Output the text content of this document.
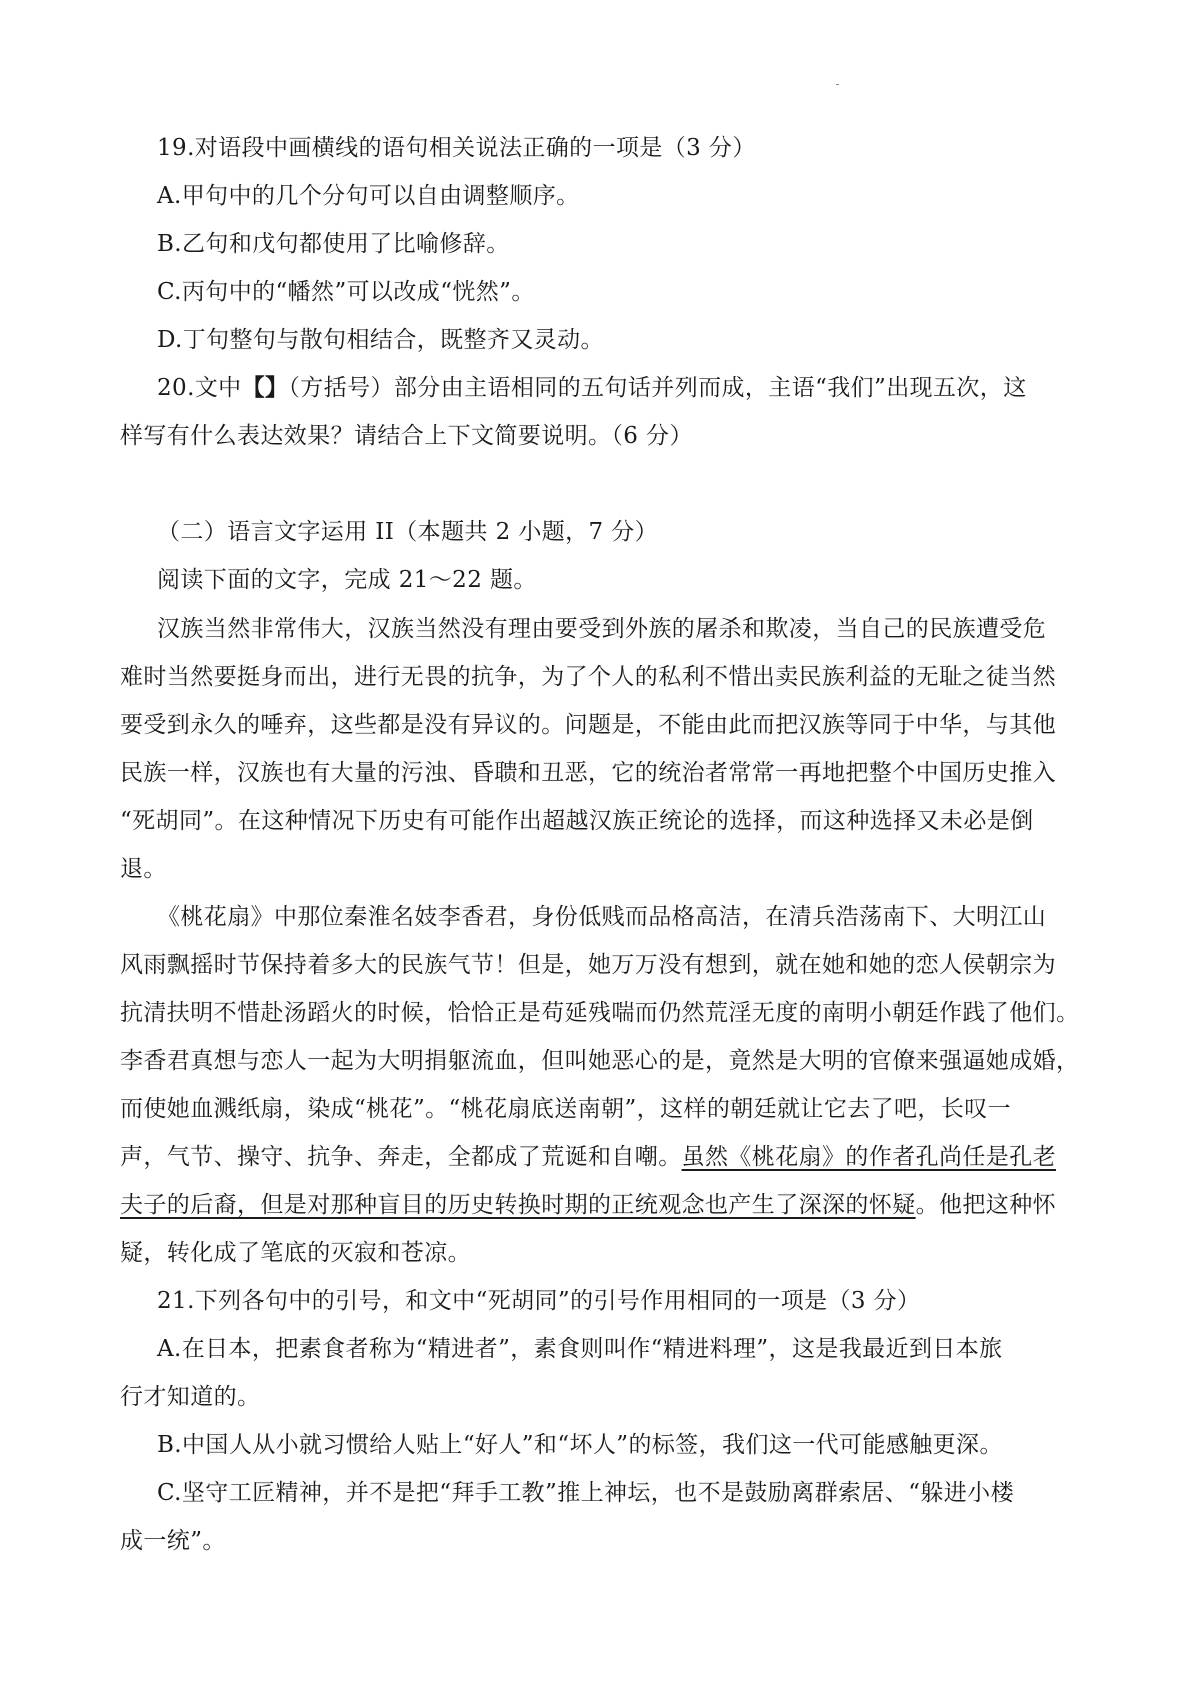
19.对语段中画横线的语句相关说法正确的一项是（3 分）
A.甲句中的几个分句可以自由调整顺序。
B.乙句和戊句都使用了比喻修辞。
C.丙句中的“幡然”可以改成“恍然”。
D.丁句整句与散句相结合，既整齐又灵动。
20.文中【】（方括号）部分由主语相同的五句话并列而成，主语“我们”出现五次，这
样写有什么表达效果？请结合上下文简要说明。（6 分）
（二）语言文字运用 II（本题共 2 小题，7 分）
阅读下面的文字，完成 21～22 题。
汉族当然非常伟大，汉族当然没有理由要受到外族的屠杀和欺凌，当自己的民族遭受危
难时当然要挺身而出，进行无畏的抗争，为了个人的私利不惜出卖民族利益的无耻之徒当然
要受到永久的唾弃，这些都是没有异议的。问题是，不能由此而把汉族等同于中华，与其他
民族一样，汉族也有大量的污浊、昏聩和丑恶，它的统治者常常一再地把整个中国历史推入
“死胡同”。在这种情况下历史有可能作出超越汉族正统论的选择，而这种选择又未必是倒
退。
《桃花扇》中那位秦淮名妓李香君，身份低贱而品格高洁，在清兵浩荡南下、大明江山
风雨飘摇时节保持着多大的民族气节！但是，她万万没有想到，就在她和她的恋人侯朝宗为
抗清扶明不惜赴汤蹈火的时候，恰恰正是苟延残喘而仍然荒淫无度的南明小朝廷作践了他们。
李香君真想与恋人一起为大明捐躯流血，但叫她恶心的是，竟然是大明的官僚来强逼她成婚，
而使她血溅纸扇，染成“桃花”。“桃花扇底送南朝”，这样的朝廷就让它去了吧，长叹一
声，气节、操守、抗争、奔走，全都成了荒诞和自嘲。虽然《桃花扇》的作者孔尚任是孔老
夫子的后裔，但是对那种盲目的历史转换时期的正统观念也产生了深深的怀疑。他把这种怀
疑，转化成了笔底的灭寂和苍凉。
21.下列各句中的引号，和文中“死胡同”的引号作用相同的一项是（3 分）
A.在日本，把素食者称为“精进者”，素食则叫作“精进料理”，这是我最近到日本旅
行才知道的。
B.中国人从小就习惯给人贴上“好人”和“坏人”的标签，我们这一代可能感触更深。
C.坚守工匠精神，并不是把“拜手工教”推上神坛，也不是鼓励离群索居、“躲进小楼
成一统”。
